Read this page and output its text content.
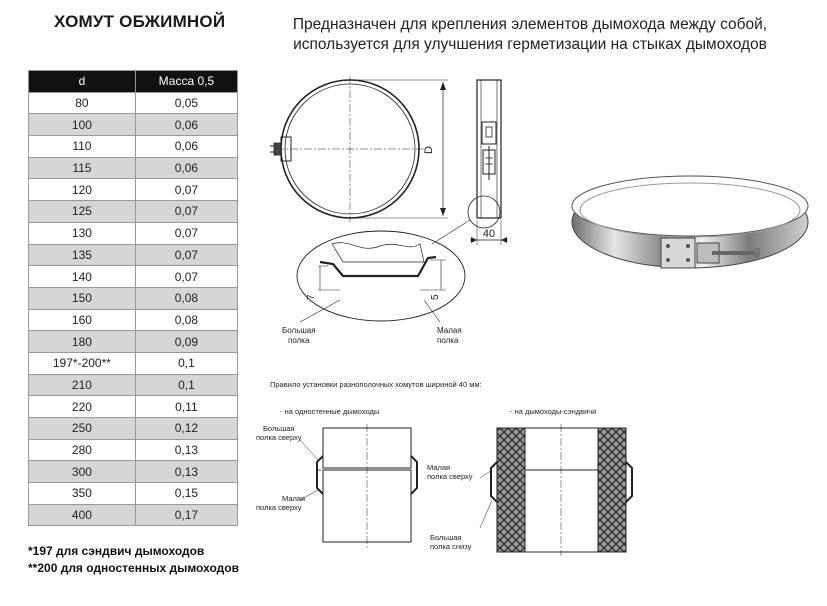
ХОМУТ ОБЖИМНОЙ	Предназначен для крепления элементов дымохода между собой,
используется для улучшения герметизации на стыках дымоходов
d	Масса 0,5
80	0,05
100	0,06
110	0,06
115	0,06
120	0,07
125	0,07
130	0,07
135	0,07
140	0,07
150	0,08
160	0,08
180	0,09
197*-200**	0,1
210	0,1
220	0,11
250	0,12
280	0,13
300	0,13
350	0,15
400	0,17
*197 для сэндвич дымоходов
**200 для одностенных дымоходов
D
40
7	5
Большая
полка
Малая
полка
Правило установки разнополочных хомутов шириной 40 мм:
- на одностенные дымоходы	- на дымоходы-сэндвичи
Большая
полка сверху
Малая
полка сверху
Малая
полка сверху
Большая
полка снизу
